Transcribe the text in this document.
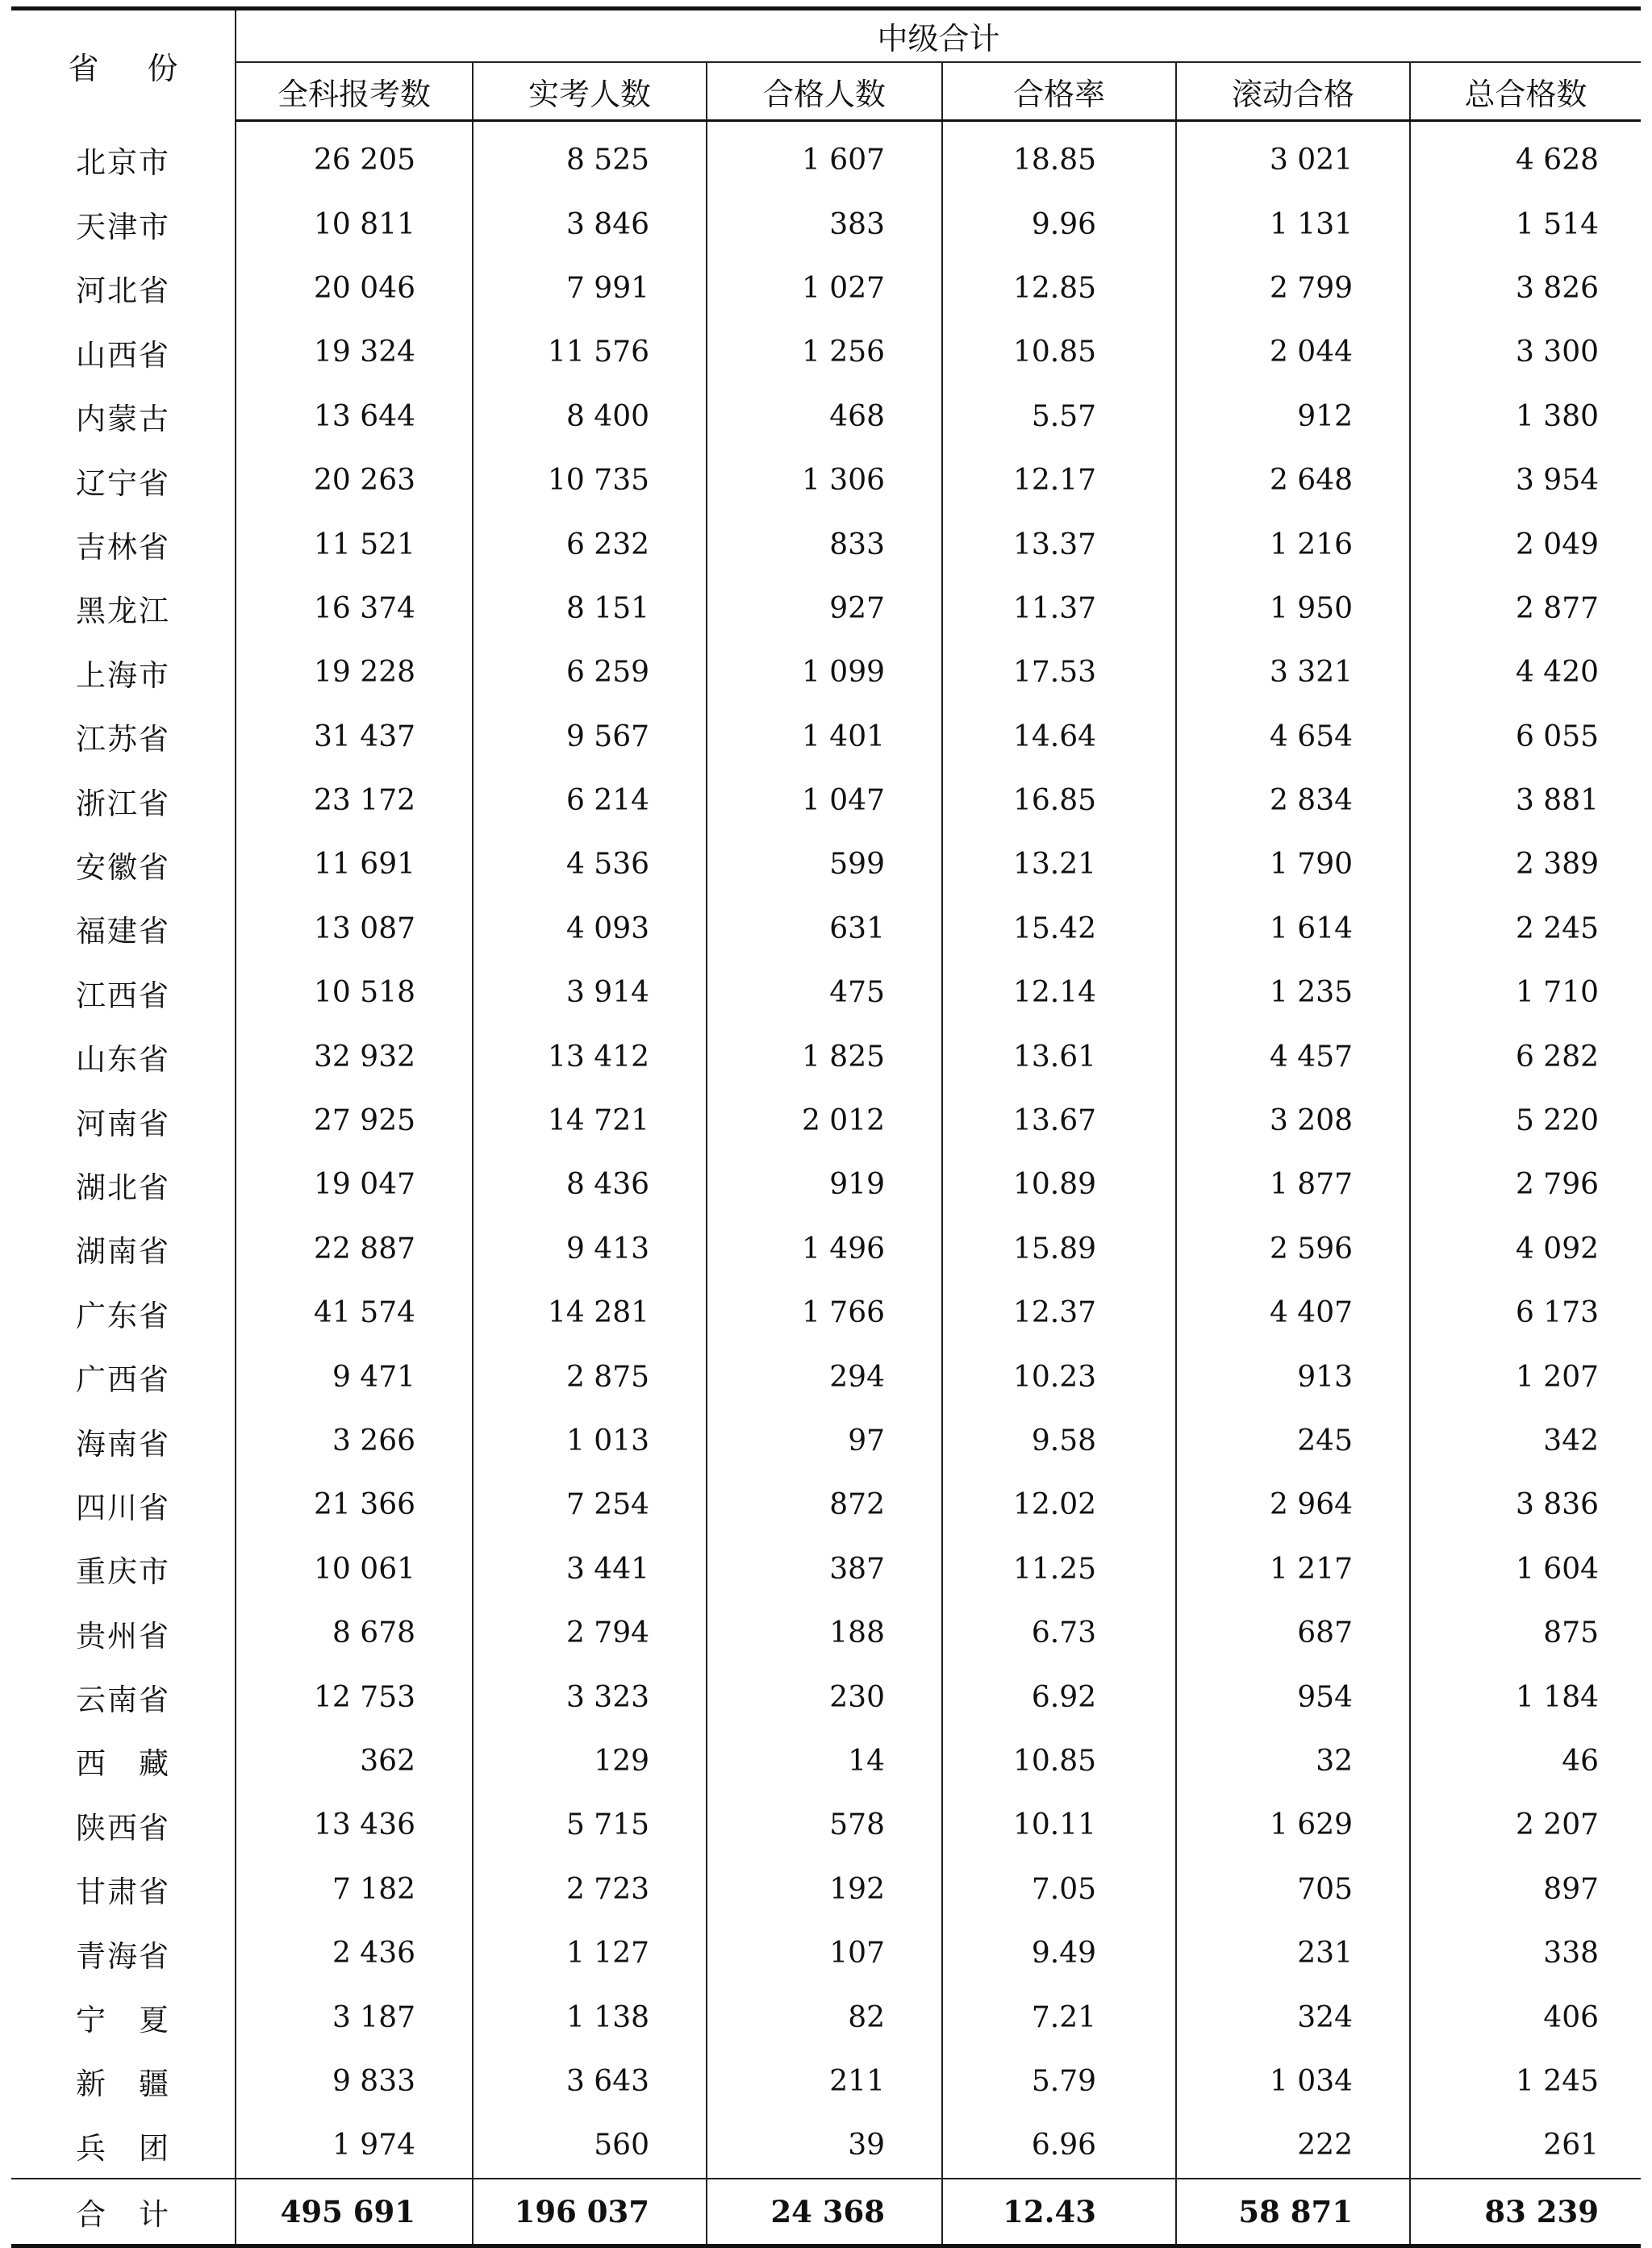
省份	中级合计					
	全科报考数	实考人数	合格人数	合格率	滚动合格	总合格数
北京市	26 205	8 525	1 607	18.85	3 021	4 628
天津市	10 811	3 846	383	9.96	1 131	1 514
河北省	20 046	7 991	1 027	12.85	2 799	3 826
山西省	19 324	11 576	1 256	10.85	2 044	3 300
内蒙古	13 644	8 400	468	5.57	912	1 380
辽宁省	20 263	10 735	1 306	12.17	2 648	3 954
吉林省	11 521	6 232	833	13.37	1 216	2 049
黑龙江	16 374	8 151	927	11.37	1 950	2 877
上海市	19 228	6 259	1 099	17.53	3 321	4 420
江苏省	31 437	9 567	1 401	14.64	4 654	6 055
浙江省	23 172	6 214	1 047	16.85	2 834	3 881
安徽省	11 691	4 536	599	13.21	1 790	2 389
福建省	13 087	4 093	631	15.42	1 614	2 245
江西省	10 518	3 914	475	12.14	1 235	1 710
山东省	32 932	13 412	1 825	13.61	4 457	6 282
河南省	27 925	14 721	2 012	13.67	3 208	5 220
湖北省	19 047	8 436	919	10.89	1 877	2 796
湖南省	22 887	9 413	1 496	15.89	2 596	4 092
广东省	41 574	14 281	1 766	12.37	4 407	6 173
广西省	9 471	2 875	294	10.23	913	1 207
海南省	3 266	1 013	97	9.58	245	342
四川省	21 366	7 254	872	12.02	2 964	3 836
重庆市	10 061	3 441	387	11.25	1 217	1 604
贵州省	8 678	2 794	188	6.73	687	875
云南省	12 753	3 323	230	6.92	954	1 184
西　藏	362	129	14	10.85	32	46
陕西省	13 436	5 715	578	10.11	1 629	2 207
甘肃省	7 182	2 723	192	7.05	705	897
青海省	2 436	1 127	107	9.49	231	338
宁　夏	3 187	1 138	82	7.21	324	406
新　疆	9 833	3 643	211	5.79	1 034	1 245
兵　团	1 974	560	39	6.96	222	261
合　计	495 691	196 037	24 368	12.43	58 871	83 239
